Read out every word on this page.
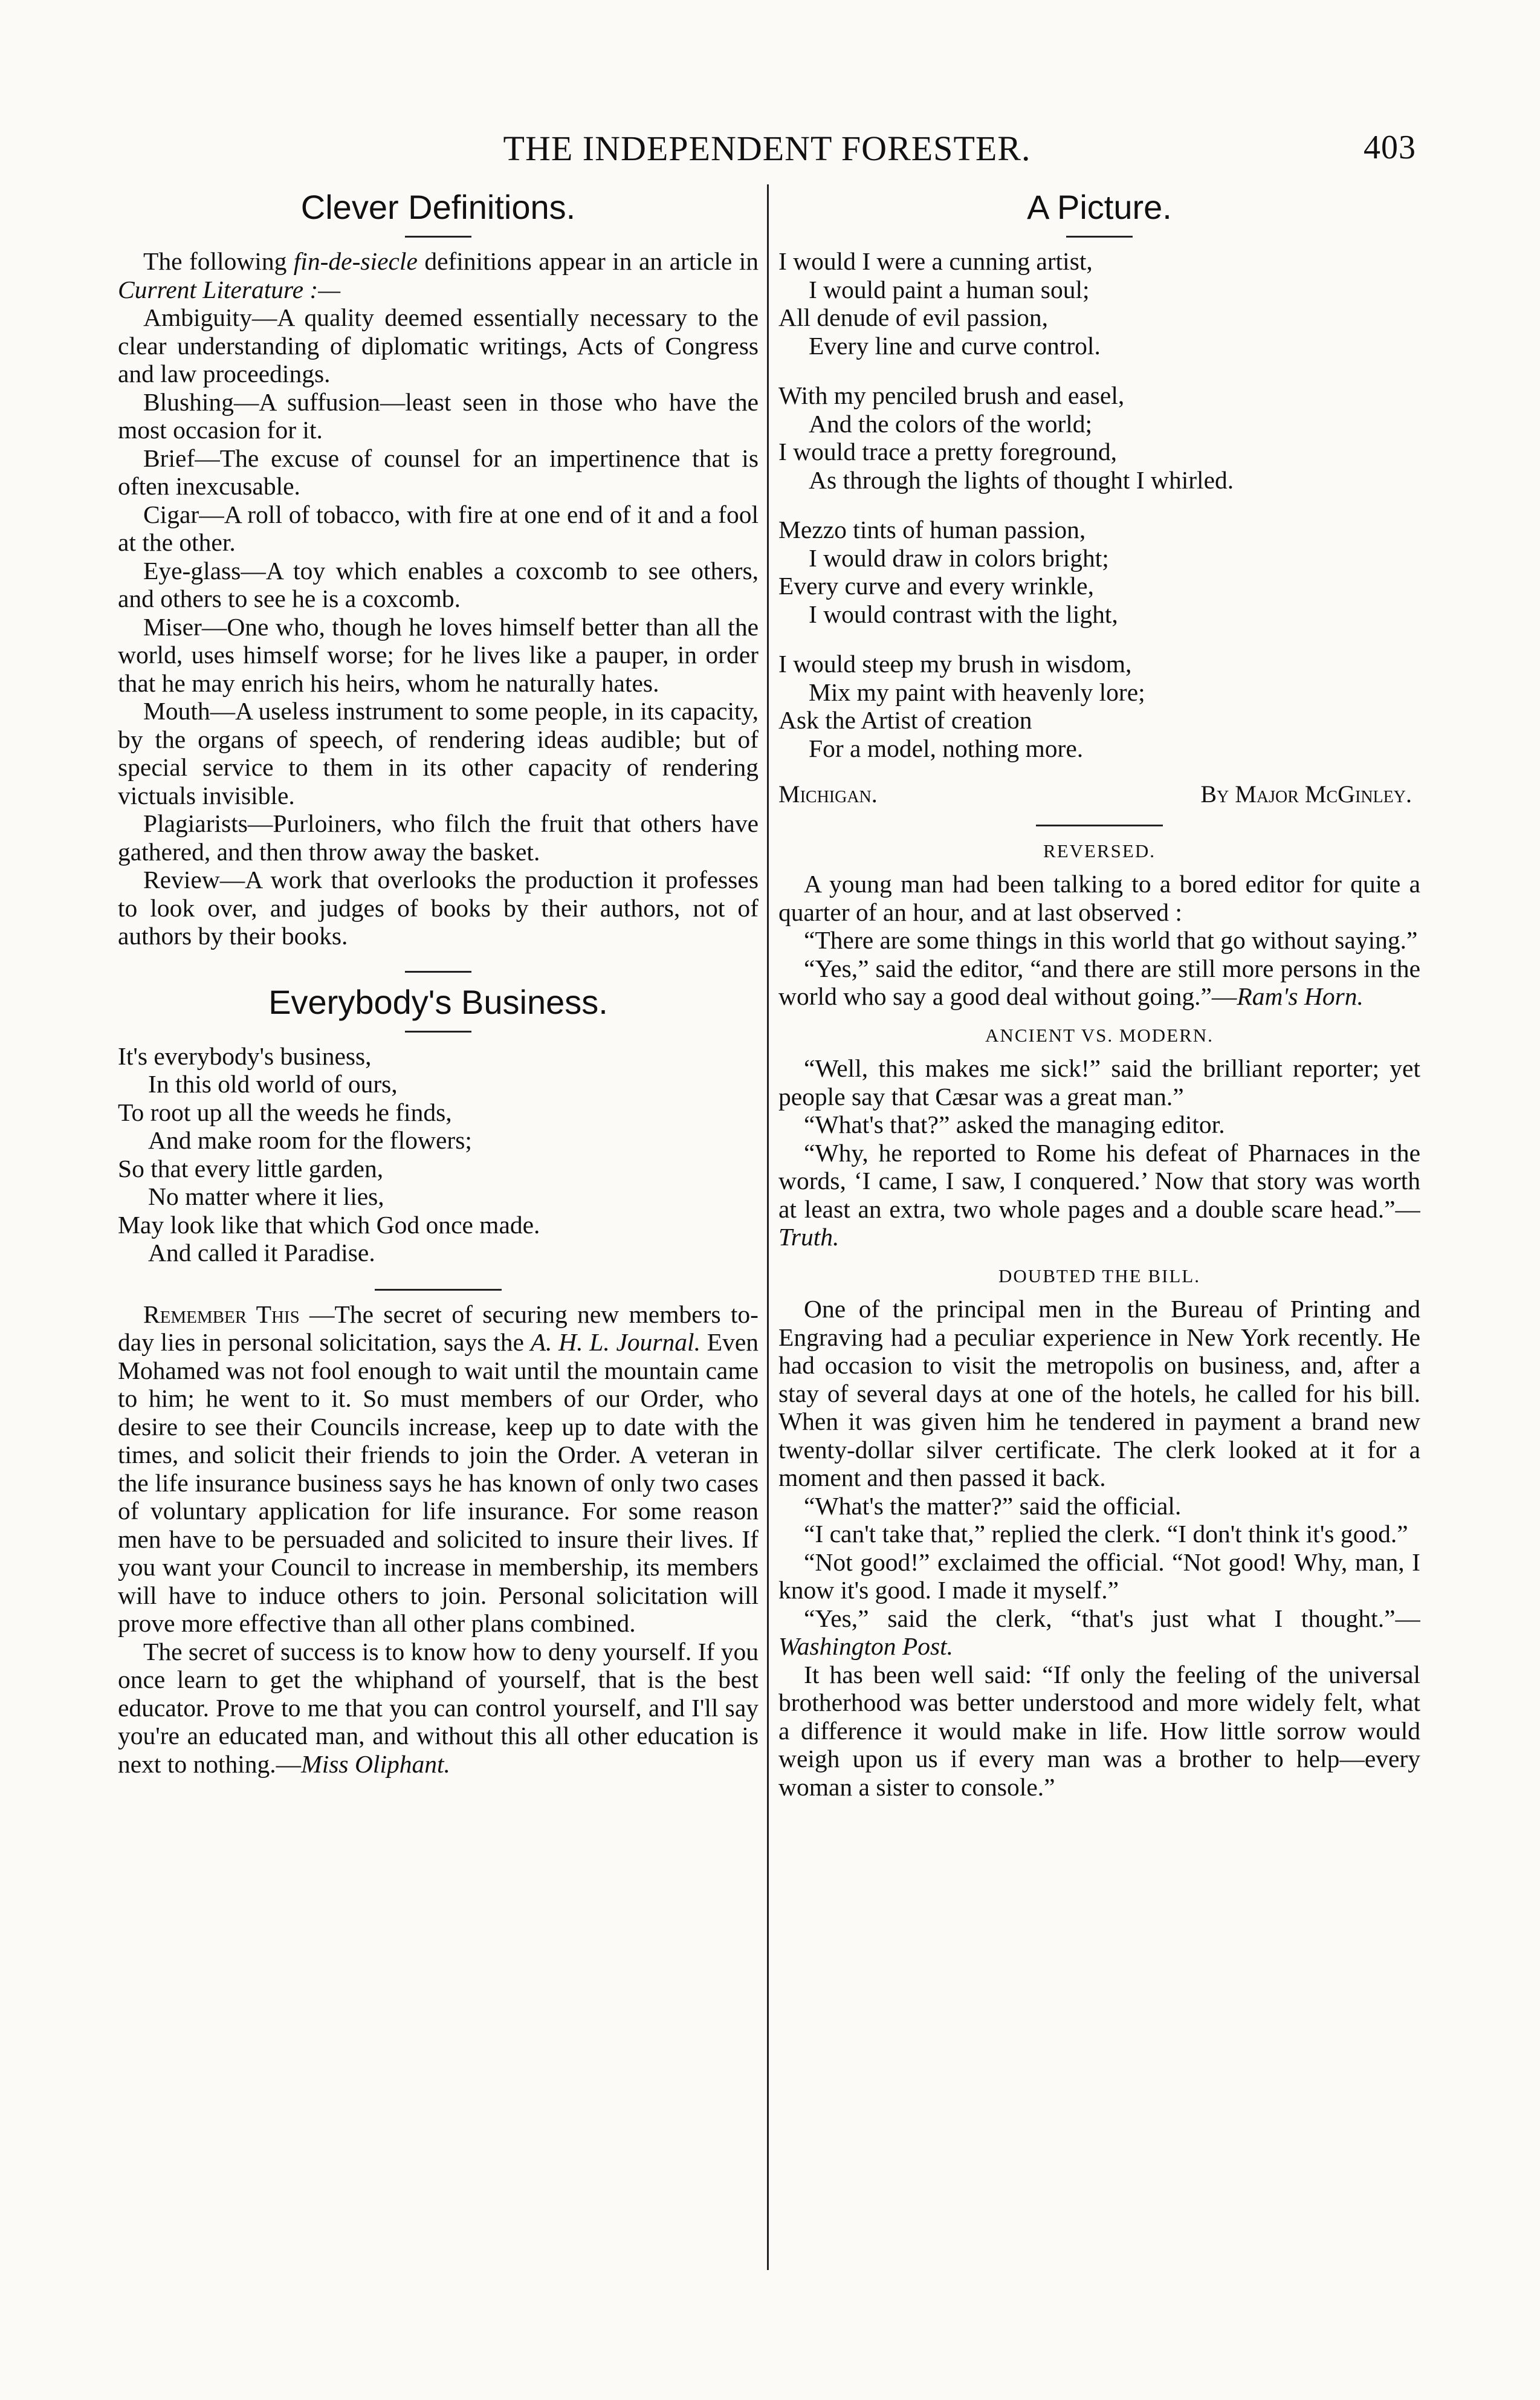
THE INDEPENDENT FORESTER.	403
Clever Definitions.

The following fin-de-siecle definitions appear in an article in Current Literature :—

Ambiguity—A quality deemed essentially necessary to the clear understanding of diplomatic writings, Acts of Congress and law proceedings.

Blushing—A suffusion—least seen in those who have the most occasion for it.

Brief—The excuse of counsel for an impertinence that is often inexcusable.

Cigar—A roll of tobacco, with fire at one end of it and a fool at the other.

Eye-glass—A toy which enables a coxcomb to see others, and others to see he is a coxcomb.

Miser—One who, though he loves himself better than all the world, uses himself worse; for he lives like a pauper, in order that he may enrich his heirs, whom he naturally hates.

Mouth—A useless instrument to some people, in its capacity, by the organs of speech, of rendering ideas audible; but of special service to them in its other capacity of rendering victuals invisible.

Plagiarists—Purloiners, who filch the fruit that others have gathered, and then throw away the basket.

Review—A work that overlooks the production it professes to look over, and judges of books by their authors, not of authors by their books.

Everybody's Business.
It's everybody's business,
In this old world of ours,
To root up all the weeds he finds,
And make room for the flowers;
So that every little garden,
No matter where it lies,
May look like that which God once made.
And called it Paradise.

Remember This —The secret of securing new members to-day lies in personal solicitation, says the A. H. L. Journal. Even Mohamed was not fool enough to wait until the mountain came to him; he went to it. So must members of our Order, who desire to see their Councils increase, keep up to date with the times, and solicit their friends to join the Order. A veteran in the life insurance business says he has known of only two cases of voluntary application for life insurance. For some reason men have to be persuaded and solicited to insure their lives. If you want your Council to increase in membership, its members will have to induce others to join. Personal solicitation will prove more effective than all other plans combined.

The secret of success is to know how to deny yourself. If you once learn to get the whiphand of yourself, that is the best educator. Prove to me that you can control yourself, and I'll say you're an educated man, and without this all other education is next to nothing.—Miss Oliphant.

A Picture.
I would I were a cunning artist,
I would paint a human soul;
All denude of evil passion,
Every line and curve control.
With my penciled brush and easel,
And the colors of the world;
I would trace a pretty foreground,
As through the lights of thought I whirled.
Mezzo tints of human passion,
I would draw in colors bright;
Every curve and every wrinkle,
I would contrast with the light,
I would steep my brush in wisdom,
Mix my paint with heavenly lore;
Ask the Artist of creation
For a model, nothing more.
Michigan.	By Major McGinley.
REVERSED.

A young man had been talking to a bored editor for quite a quarter of an hour, and at last observed :

“There are some things in this world that go without saying.”

“Yes,” said the editor, “and there are still more persons in the world who say a good deal without going.”—Ram's Horn.

ANCIENT VS. MODERN.

“Well, this makes me sick!” said the brilliant reporter; yet people say that Cæsar was a great man.”

“What's that?” asked the managing editor.

“Why, he reported to Rome his defeat of Pharnaces in the words, ‘I came, I saw, I conquered.’ Now that story was worth at least an extra, two whole pages and a double scare head.”—Truth.

DOUBTED THE BILL.

One of the principal men in the Bureau of Printing and Engraving had a peculiar experience in New York recently. He had occasion to visit the metropolis on business, and, after a stay of several days at one of the hotels, he called for his bill. When it was given him he tendered in payment a brand new twenty-dollar silver certificate. The clerk looked at it for a moment and then passed it back.

“What's the matter?” said the official.

“I can't take that,” replied the clerk. “I don't think it's good.”

“Not good!” exclaimed the official. “Not good! Why, man, I know it's good. I made it myself.”

“Yes,” said the clerk, “that's just what I thought.”—Washington Post.

It has been well said: “If only the feeling of the universal brotherhood was better understood and more widely felt, what a difference it would make in life. How little sorrow would weigh upon us if every man was a brother to help—every woman a sister to console.”
